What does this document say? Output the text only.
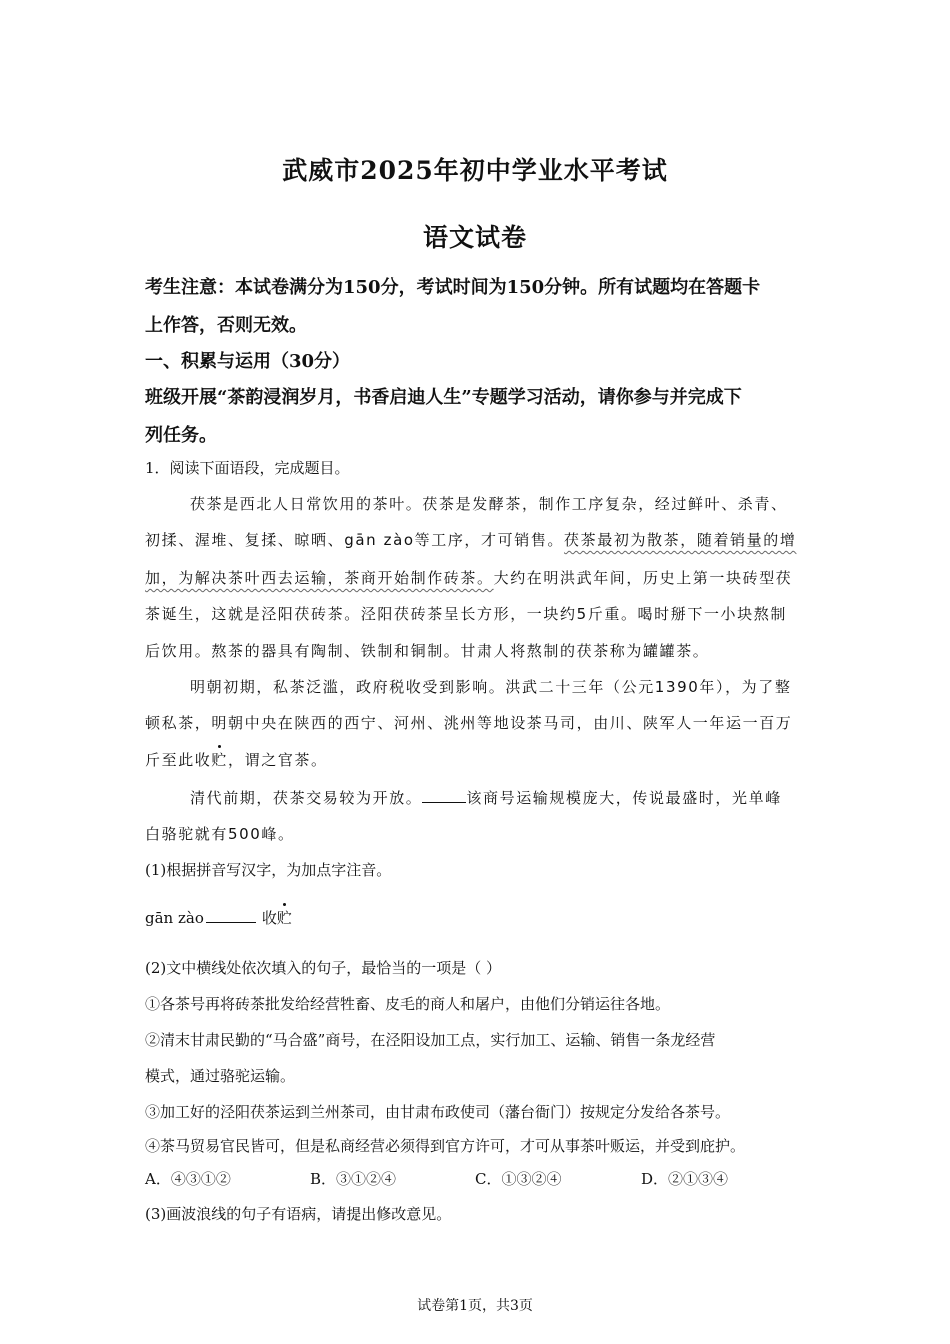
武威市2025年初中学业水平考试
语文试卷
考生注意：本试卷满分为150分，考试时间为150分钟。所有试题均在答题卡
上作答，否则无效。
一、积累与运用（30分）
班级开展“茶韵浸润岁月，书香启迪人生”专题学习活动，请你参与并完成下
列任务。
1．阅读下面语段，完成题目。
茯茶是西北人日常饮用的茶叶。茯茶是发酵茶，制作工序复杂，经过鲜叶、杀青、
初揉、渥堆、复揉、晾晒、gān zào等工序，才可销售。茯茶最初为散茶，随着销量的增
加，为解决茶叶西去运输，茶商开始制作砖茶。大约在明洪武年间，历史上第一块砖型茯
茶诞生，这就是泾阳茯砖茶。泾阳茯砖茶呈长方形，一块约5斤重。喝时掰下一小块熬制
后饮用。熬茶的器具有陶制、铁制和铜制。甘肃人将熬制的茯茶称为罐罐茶。
明朝初期，私茶泛滥，政府税收受到影响。洪武二十三年（公元1390年），为了整
顿私茶，明朝中央在陕西的西宁、河州、洮州等地设茶马司，由川、陕军人一年运一百万
斤至此收贮，谓之官茶。
清代前期，茯茶交易较为开放。	该商号运输规模庞大，传说最盛时，光单峰
白骆驼就有500峰。
(1)根据拼音写汉字，为加点字注音。
gān zào	收贮
(2)文中横线处依次填入的句子，最恰当的一项是（ ）
①各茶号再将砖茶批发给经营牲畜、皮毛的商人和屠户，由他们分销运往各地。
②清末甘肃民勤的“马合盛”商号，在泾阳设加工点，实行加工、运输、销售一条龙经营
模式，通过骆驼运输。
③加工好的泾阳茯茶运到兰州茶司，由甘肃布政使司（藩台衙门）按规定分发给各茶号。
④茶马贸易官民皆可，但是私商经营必须得到官方许可，才可从事茶叶贩运，并受到庇护。
A．④③①②	B．③①②④	C．①③②④	D．②①③④
(3)画波浪线的句子有语病，请提出修改意见。
试卷第1页，共3页
